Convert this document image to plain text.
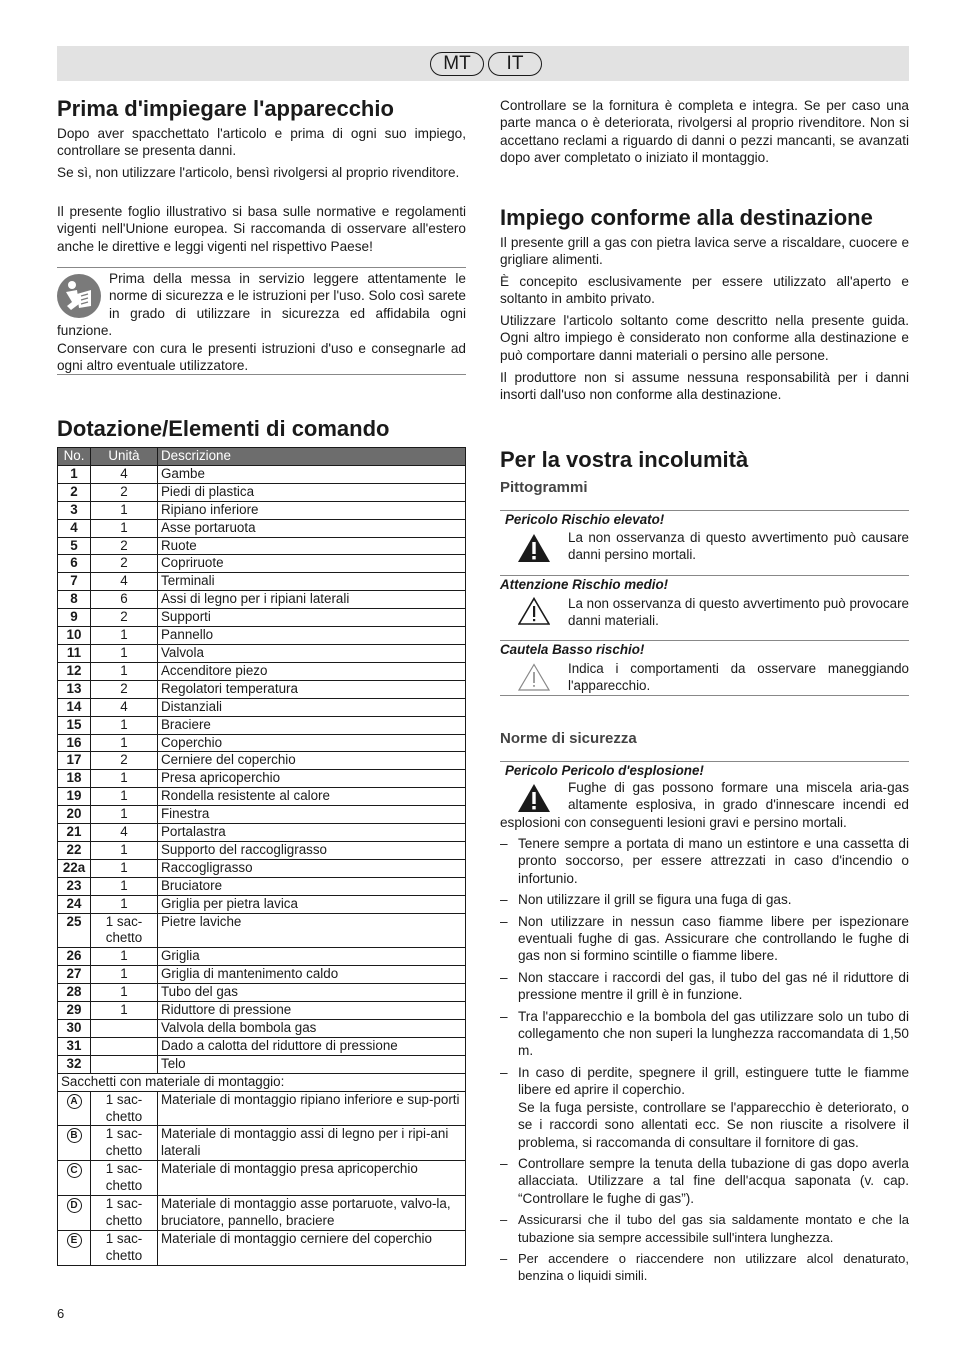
MT	IT
Prima d'impiegare l'apparecchio

Dopo aver spacchettato l'articolo e prima di ogni suo impiego, controllare se presenta danni.

Se sì, non utilizzare l'articolo, bensì rivolgersi al proprio rivenditore.

Il presente foglio illustrativo si basa sulle normative e regolamenti vigenti nell'Unione europea. Si raccomanda di osservare all'estero anche le direttive e leggi vigenti nel rispettivo Paese!

Prima della messa in servizio leggere attentamente le norme di sicurezza e le istruzioni per l'uso. Solo così sarete in grado di utilizzare in sicurezza ed affidabila ogni funzione.
Conservare con cura le presenti istruzioni d'uso e consegnarle ad ogni altro eventuale utilizzatore.
Dotazione/Elementi di comando
No.	Unità	Descrizione
1	4	Gambe
2	2	Piedi di plastica
3	1	Ripiano inferiore
4	1	Asse portaruota
5	2	Ruote
6	2	Copriruote
7	4	Terminali
8	6	Assi di legno per i ripiani laterali
9	2	Supporti
10	1	Pannello
11	1	Valvola
12	1	Accenditore piezo
13	2	Regolatori temperatura
14	4	Distanziali
15	1	Braciere
16	1	Coperchio
17	2	Cerniere del coperchio
18	1	Presa apricoperchio
19	1	Rondella resistente al calore
20	1	Finestra
21	4	Portalastra
22	1	Supporto del raccogligrasso
22a	1	Raccogligrasso
23	1	Bruciatore
24	1	Griglia per pietra lavica
25	1 sac-chetto	Pietre laviche
26	1	Griglia
27	1	Griglia di mantenimento caldo
28	1	Tubo del gas
29	1	Riduttore di pressione
30		Valvola della bombola gas
31		Dado a calotta del riduttore di pressione
32		Telo
Sacchetti con materiale di montaggio:		
A	1 sac-chetto	Materiale di montaggio ripiano inferiore e sup-porti
B	1 sac-chetto	Materiale di montaggio assi di legno per i ripi-ani laterali
C	1 sac-chetto	Materiale di montaggio presa apricoperchio
D	1 sac-chetto	Materiale di montaggio asse portaruote, valvo-la, bruciatore, pannello, braciere
E	1 sac-chetto	Materiale di montaggio cerniere del coperchio

Controllare se la fornitura è completa e integra. Se per caso una parte manca o è deteriorata, rivolgersi al proprio rivenditore. Non si accettano reclami a riguardo di danni o pezzi mancanti, se avanzati dopo aver completato o iniziato il montaggio.

Impiego conforme alla destinazione

Il presente grill a gas con pietra lavica serve a riscaldare, cuocere e grigliare alimenti.

È concepito esclusivamente per essere utilizzato all'aperto e soltanto in ambito privato.

Utilizzare l'articolo soltanto come descritto nella presente guida. Ogni altro impiego è considerato non conforme alla destinazione e può comportare danni materiali o persino alle persone.

Il produttore non si assume nessuna responsabilità per i danni insorti dall'uso non conforme alla destinazione.

Per la vostra incolumità
Pittogrammi
Pericolo Rischio elevato!
La non osservanza di questo avvertimento può causare danni persino mortali.
Attenzione Rischio medio!
La non osservanza di questo avvertimento può provocare danni materiali.
Cautela Basso rischio!
Indica i comportamenti da osservare maneggiando l'apparecchio.
Norme di sicurezza
Pericolo Pericolo d'esplosione!
Fughe di gas possono formare una miscela aria-gas altamente esplosiva, in grado d'innescare incendi ed esplosioni con conseguenti lesioni gravi e persino mortali.
– Tenere sempre a portata di mano un estintore e una cassetta di pronto soccorso, per essere attrezzati in caso d'incendio o infortunio.
– Non utilizzare il grill se figura una fuga di gas.
– Non utilizzare in nessun caso fiamme libere per ispezionare eventuali fughe di gas. Assicurare che controllando le fughe di gas non si formino scintille o fiamme libere.
– Non staccare i raccordi del gas, il tubo del gas né il riduttore di pressione mentre il grill è in funzione.
– Tra l'apparecchio e la bombola del gas utilizzare solo un tubo di collegamento che non superi la lunghezza raccomandata di 1,50 m.
– In caso di perdite, spegnere il grill, estinguere tutte le fiamme libere ed aprire il coperchio.
Se la fuga persiste, controllare se l'apparecchio è deteriorato, o se i raccordi sono allentati ecc. Se non riuscite a risolvere il problema, si raccomanda di consultare il fornitore di gas.
– Controllare sempre la tenuta della tubazione di gas dopo averla allacciata. Utilizzare a tal fine dell'acqua saponata (v. cap. “Controllare le fughe di gas”).
– Assicurarsi che il tubo del gas sia saldamente montato e che la tubazione sia sempre accessibile sull'intera lunghezza.
– Per accendere o riaccendere non utilizzare alcol denaturato, benzina o liquidi simili.
6
